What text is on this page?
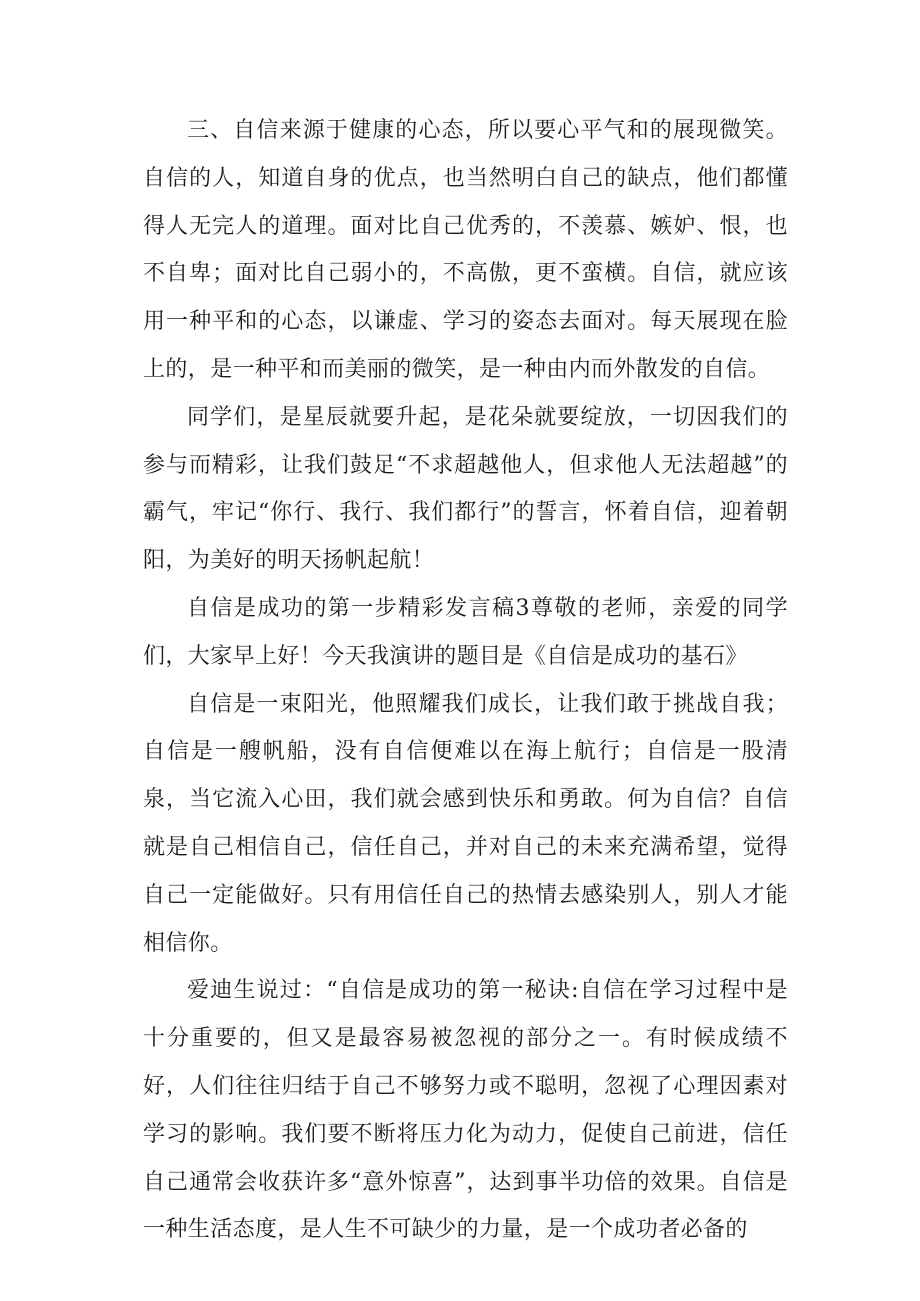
三、自信来源于健康的心态，所以要心平气和的展现微笑。自信的人，知道自身的优点，也当然明白自己的缺点，他们都懂得人无完人的道理。面对比自己优秀的，不羡慕、嫉妒、恨，也不自卑；面对比自己弱小的，不高傲，更不蛮横。自信，就应该用一种平和的心态，以谦虚、学习的姿态去面对。每天展现在脸上的，是一种平和而美丽的微笑，是一种由内而外散发的自信。

同学们，是星辰就要升起，是花朵就要绽放，一切因我们的参与而精彩，让我们鼓足“不求超越他人，但求他人无法超越”的霸气，牢记“你行、我行、我们都行”的誓言，怀着自信，迎着朝阳，为美好的明天扬帆起航！

自信是成功的第一步精彩发言稿3尊敬的老师，亲爱的同学们，大家早上好！今天我演讲的题目是《自信是成功的基石》

自信是一束阳光，他照耀我们成长，让我们敢于挑战自我；自信是一艘帆船，没有自信便难以在海上航行；自信是一股清泉，当它流入心田，我们就会感到快乐和勇敢。何为自信？自信就是自己相信自己，信任自己，并对自己的未来充满希望，觉得自己一定能做好。只有用信任自己的热情去感染别人，别人才能相信你。

爱迪生说过：“自信是成功的第一秘诀:自信在学习过程中是十分重要的，但又是最容易被忽视的部分之一。有时候成绩不好，人们往往归结于自己不够努力或不聪明，忽视了心理因素对学习的影响。我们要不断将压力化为动力，促使自己前进，信任自己通常会收获许多“意外惊喜”，达到事半功倍的效果。自信是一种生活态度，是人生不可缺少的力量，是一个成功者必备的
